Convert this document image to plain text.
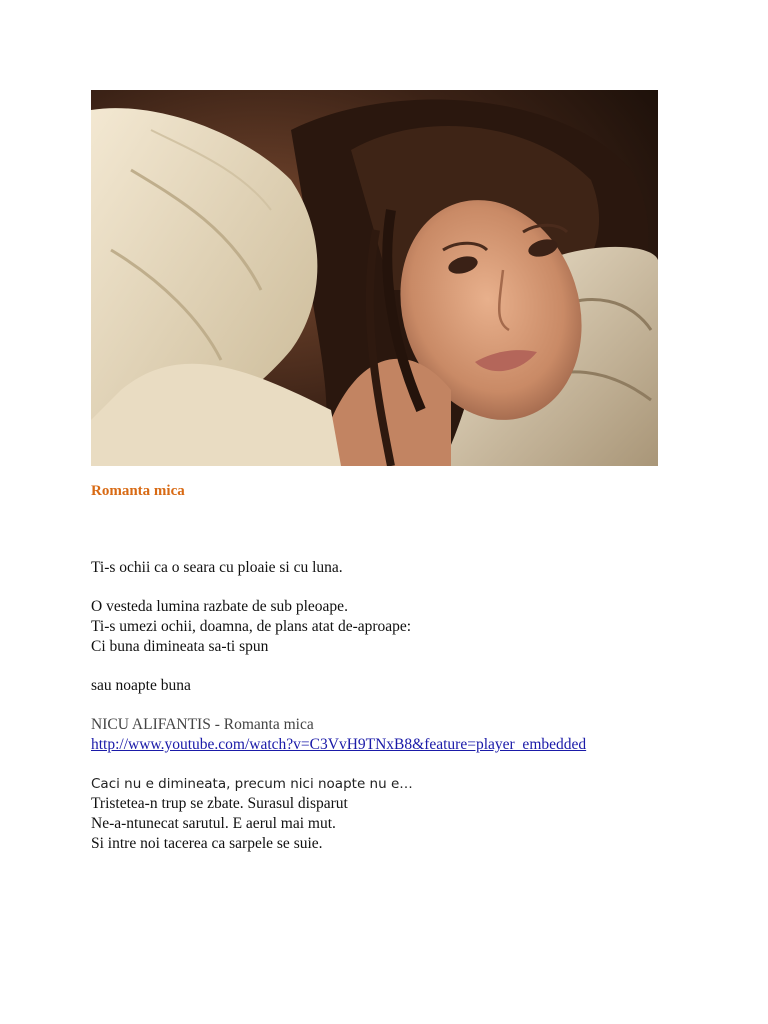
Romanta mica
Ti-s ochii ca o seara cu ploaie si cu luna.
O vesteda lumina razbate de sub pleoape.
Ti-s umezi ochii, doamna, de plans atat de-aproape:
Ci buna dimineata sa-ti spun
sau noapte buna
NICU ALIFANTIS - Romanta mica
http://www.youtube.com/watch?v=C3VvH9TNxB8&feature=player_embedded
Caci nu e dimineata, precum nici noapte nu e…
Tristetea-n trup se zbate. Surasul disparut
Ne-a-ntunecat sarutul. E aerul mai mut.
Si intre noi tacerea ca sarpele se suie.
